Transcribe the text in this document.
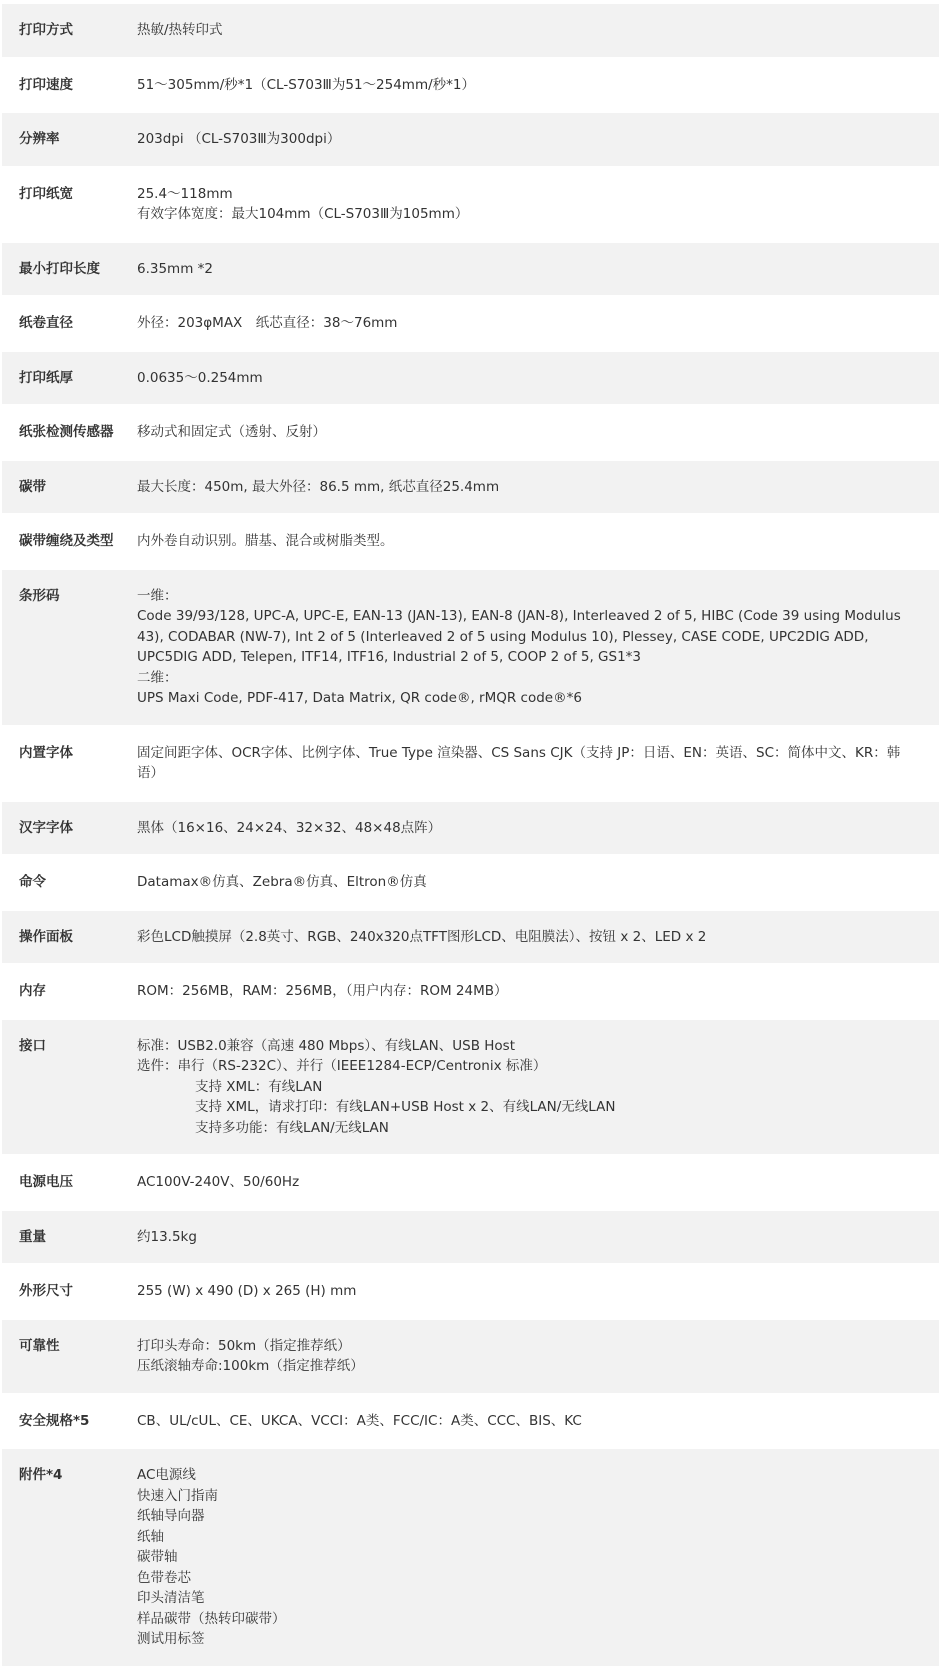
打印方式	热敏/热转印式
打印速度	51～305mm/秒*1（CL-S703Ⅲ为51～254mm/秒*1）
分辨率	203dpi （CL-S703Ⅲ为300dpi）
打印纸宽	25.4～118mm
有效字体宽度：最大104mm（CL-S703Ⅲ为105mm）
最小打印长度	6.35mm *2
纸卷直径	外径：203φMAX　纸芯直径：38～76mm
打印纸厚	0.0635～0.254mm
纸张检测传感器	移动式和固定式（透射、反射）
碳带	最大长度：450m, 最大外径：86.5 mm, 纸芯直径25.4mm
碳带缠绕及类型	内外卷自动识别。腊基、混合或树脂类型。
条形码	一维：
Code 39/93/128, UPC-A, UPC-E, EAN-13 (JAN-13), EAN-8 (JAN-8), Interleaved 2 of 5, HIBC (Code 39 using Modulus 43), CODABAR (NW-7), Int 2 of 5 (Interleaved 2 of 5 using Modulus 10), Plessey, CASE CODE, UPC2DIG ADD, UPC5DIG ADD, Telepen, ITF14, ITF16, Industrial 2 of 5, COOP 2 of 5, GS1*3
二维：
UPS Maxi Code, PDF-417, Data Matrix, QR code®, rMQR code®*6
内置字体	固定间距字体、OCR字体、比例字体、True Type 渲染器、CS Sans CJK（支持 JP：日语、EN：英语、SC：简体中文、KR：韩语）
汉字字体	黑体（16×16、24×24、32×32、48×48点阵）
命令	Datamax®仿真、Zebra®仿真、Eltron®仿真
操作面板	彩色LCD触摸屏（2.8英寸、RGB、240x320点TFT图形LCD、电阻膜法）、按钮 x 2、LED x 2
内存	ROM：256MB，RAM：256MB，（用户内存：ROM 24MB）
接口	标准：USB2.0兼容（高速 480 Mbps）、有线LAN、USB Host
选件：串行（RS-232C）、并行（IEEE1284-ECP/Centronix 标准）
支持 XML：有线LAN
支持 XML，请求打印：有线LAN+USB Host x 2、有线LAN/无线LAN
支持多功能：有线LAN/无线LAN
电源电压	AC100V-240V、50/60Hz
重量	约13.5kg
外形尺寸	255 (W) x 490 (D) x 265 (H) mm
可靠性	打印头寿命：50km（指定推荐纸）
压纸滚轴寿命:100km（指定推荐纸）
安全规格*5	CB、UL/cUL、CE、UKCA、VCCI：A类、FCC/IC：A类、CCC、BIS、KC
附件*4	AC电源线
快速入门指南
纸轴导向器
纸轴
碳带轴
色带卷芯
印头清洁笔
样品碳带（热转印碳带）
测试用标签
